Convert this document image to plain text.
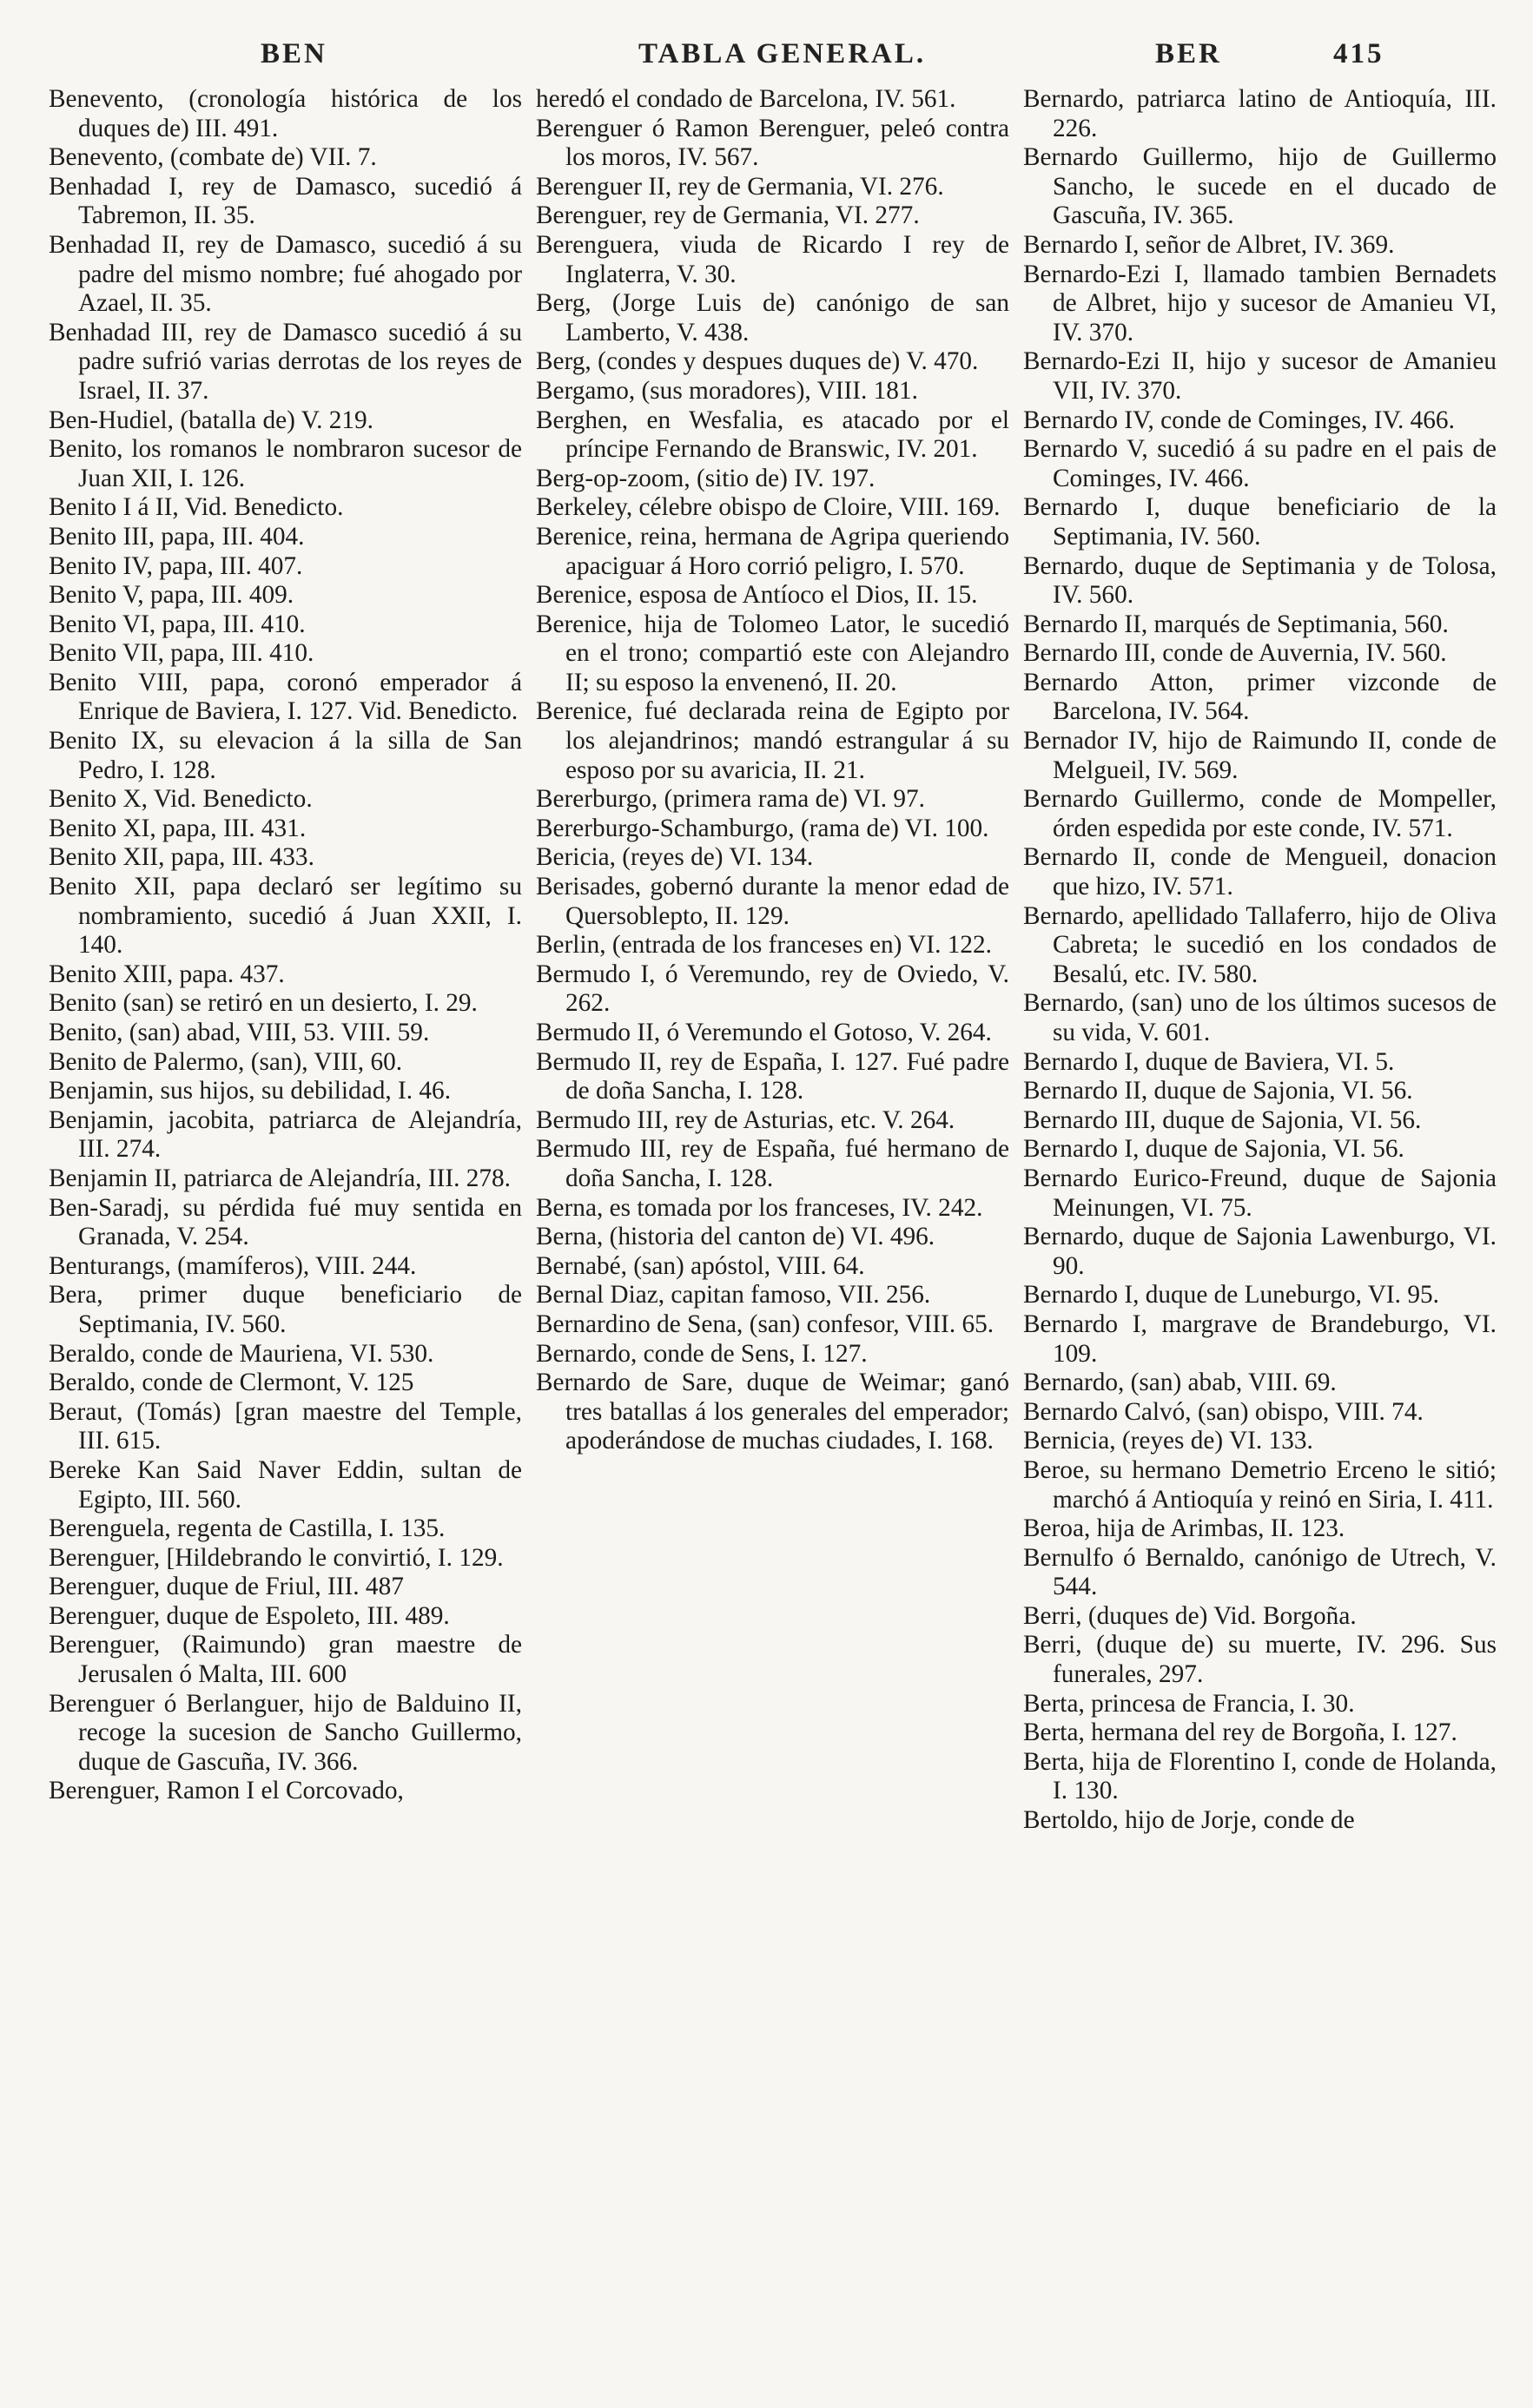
BEN	TABLA GENERAL.	BER	415

Benevento, (cronología histórica de los duques de) III. 491.

Benevento, (combate de) VII. 7.

Benhadad I, rey de Damasco, sucedió á Tabremon, II. 35.

Benhadad II, rey de Damasco, sucedió á su padre del mismo nombre; fué ahogado por Azael, II. 35.

Benhadad III, rey de Damasco sucedió á su padre sufrió varias derrotas de los reyes de Israel, II. 37.

Ben-Hudiel, (batalla de) V. 219.

Benito, los romanos le nombraron sucesor de Juan XII, I. 126.

Benito I á II, Vid. Benedicto.

Benito III, papa, III. 404.

Benito IV, papa, III. 407.

Benito V, papa, III. 409.

Benito VI, papa, III. 410.

Benito VII, papa, III. 410.

Benito VIII, papa, coronó emperador á Enrique de Baviera, I. 127. Vid. Benedicto.

Benito IX, su elevacion á la silla de San Pedro, I. 128.

Benito X, Vid. Benedicto.

Benito XI, papa, III. 431.

Benito XII, papa, III. 433.

Benito XII, papa declaró ser legítimo su nombramiento, sucedió á Juan XXII, I. 140.

Benito XIII, papa. 437.

Benito (san) se retiró en un desierto, I. 29.

Benito, (san) abad, VIII, 53. VIII. 59.

Benito de Palermo, (san), VIII, 60.

Benjamin, sus hijos, su debilidad, I. 46.

Benjamin, jacobita, patriarca de Alejandría, III. 274.

Benjamin II, patriarca de Alejandría, III. 278.

Ben-Saradj, su pérdida fué muy sentida en Granada, V. 254.

Benturangs, (mamíferos), VIII. 244.

Bera, primer duque beneficiario de Septimania, IV. 560.

Beraldo, conde de Maurienа, VI. 530.

Beraldo, conde de Clermont, V. 125

Beraut, (Tomás) [gran maestre del Temple, III. 615.

Bereke Kan Said Naver Eddin, sultan de Egipto, III. 560.

Berenguela, regenta de Castilla, I. 135.

Berenguer, [Hildebrando le convirtió, I. 129.

Berenguer, duque de Friul, III. 487

Berenguer, duque de Espoleto, III. 489.

Berenguer, (Raimundo) gran maestre de Jerusalen ó Malta, III. 600

Berenguer ó Berlanguer, hijo de Balduino II, recoge la sucesion de Sancho Guillermo, duque de Gascuña, IV. 366.

Berenguer, Ramon I el Corcovado,

heredó el condado de Barcelona, IV. 561.

Berenguer ó Ramon Berenguer, peleó contra los moros, IV. 567.

Berenguer II, rey de Germania, VI. 276.

Berenguer, rey de Germania, VI. 277.

Berenguera, viuda de Ricardo I rey de Inglaterra, V. 30.

Berg, (Jorge Luis de) canónigo de san Lamberto, V. 438.

Berg, (condes y despues duques de) V. 470.

Bergamo, (sus moradores), VIII. 181.

Berghen, en Wesfalia, es atacado por el príncipe Fernando de Branswic, IV. 201.

Berg-op-zoom, (sitio de) IV. 197.

Berkeley, célebre obispo de Cloire, VIII. 169.

Berenice, reina, hermana de Agripa queriendo apaciguar á Horo corrió peligro, I. 570.

Berenice, esposa de Antíoco el Dios, II. 15.

Berenice, hija de Tolomeo Lator, le sucedió en el trono; compartió este con Alejandro II; su esposo la envenenó, II. 20.

Berenice, fué declarada reina de Egipto por los alejandrinos; mandó estrangular á su esposo por su avaricia, II. 21.

Bererburgo, (primera rama de) VI. 97.

Bererburgo-Schamburgo, (rama de) VI. 100.

Bericia, (reyes de) VI. 134.

Berisades, gobernó durante la menor edad de Quersoblepto, II. 129.

Berlin, (entrada de los franceses en) VI. 122.

Bermudo I, ó Veremundo, rey de Oviedo, V. 262.

Bermudo II, ó Veremundo el Gotoso, V. 264.

Bermudo II, rey de España, I. 127. Fué padre de doña Sancha, I. 128.

Bermudo III, rey de Asturias, etc. V. 264.

Bermudo III, rey de España, fué hermano de doña Sancha, I. 128.

Berna, es tomada por los franceses, IV. 242.

Berna, (historia del canton de) VI. 496.

Bernabé, (san) apóstol, VIII. 64.

Bernal Diaz, capitan famoso, VII. 256.

Bernardino de Sena, (san) confesor, VIII. 65.

Bernardo, conde de Sens, I. 127.

Bernardo de Sare, duque de Weimar; ganó tres batallas á los generales del emperador; apoderándose de muchas ciudades, I. 168.

Bernardo, patriarca latino de Antioquía, III. 226.

Bernardo Guillermo, hijo de Guillermo Sancho, le sucede en el ducado de Gascuña, IV. 365.

Bernardo I, señor de Albret, IV. 369.

Bernardo-Ezi I, llamado tambien Bernadets de Albret, hijo y sucesor de Amanieu VI, IV. 370.

Bernardo-Ezi II, hijo y sucesor de Amanieu VII, IV. 370.

Bernardo IV, conde de Cominges, IV. 466.

Bernardo V, sucedió á su padre en el pais de Cominges, IV. 466.

Bernardo I, duque beneficiario de la Septimania, IV. 560.

Bernardo, duque de Septimania y de Tolosa, IV. 560.

Bernardo II, marqués de Septimania, 560.

Bernardo III, conde de Auvernia, IV. 560.

Bernardo Atton, primer vizconde de Barcelona, IV. 564.

Bernador IV, hijo de Raimundo II, conde de Melgueil, IV. 569.

Bernardo Guillermo, conde de Mompeller, órden espedida por este conde, IV. 571.

Bernardo II, conde de Mengueil, donacion que hizo, IV. 571.

Bernardo, apellidado Tallaferro, hijo de Oliva Cabreta; le sucedió en los condados de Besalú, etc. IV. 580.

Bernardo, (san) uno de los últimos sucesos de su vida, V. 601.

Bernardo I, duque de Baviera, VI. 5.

Bernardo II, duque de Sajonia, VI. 56.

Bernardo III, duque de Sajonia, VI. 56.

Bernardo I, duque de Sajonia, VI. 56.

Bernardo Eurico-Freund, duque de Sajonia Meinungen, VI. 75.

Bernardo, duque de Sajonia Lawenburgo, VI. 90.

Bernardo I, duque de Luneburgo, VI. 95.

Bernardo I, margrave de Brandeburgo, VI. 109.

Bernardo, (san) abab, VIII. 69.

Bernardo Calvó, (san) obispo, VIII. 74.

Bernicia, (reyes de) VI. 133.

Beroe, su hermano Demetrio Erceno le sitió; marchó á Antioquía y reinó en Siria, I. 411.

Beroa, hija de Arimbas, II. 123.

Bernulfo ó Bernaldo, canónigo de Utrech, V. 544.

Berri, (duques de) Vid. Borgoña.

Berri, (duque de) su muerte, IV. 296. Sus funerales, 297.

Berta, princesa de Francia, I. 30.

Berta, hermana del rey de Borgoña, I. 127.

Berta, hija de Florentino I, conde de Holanda, I. 130.

Bertoldo, hijo de Jorje, conde de
